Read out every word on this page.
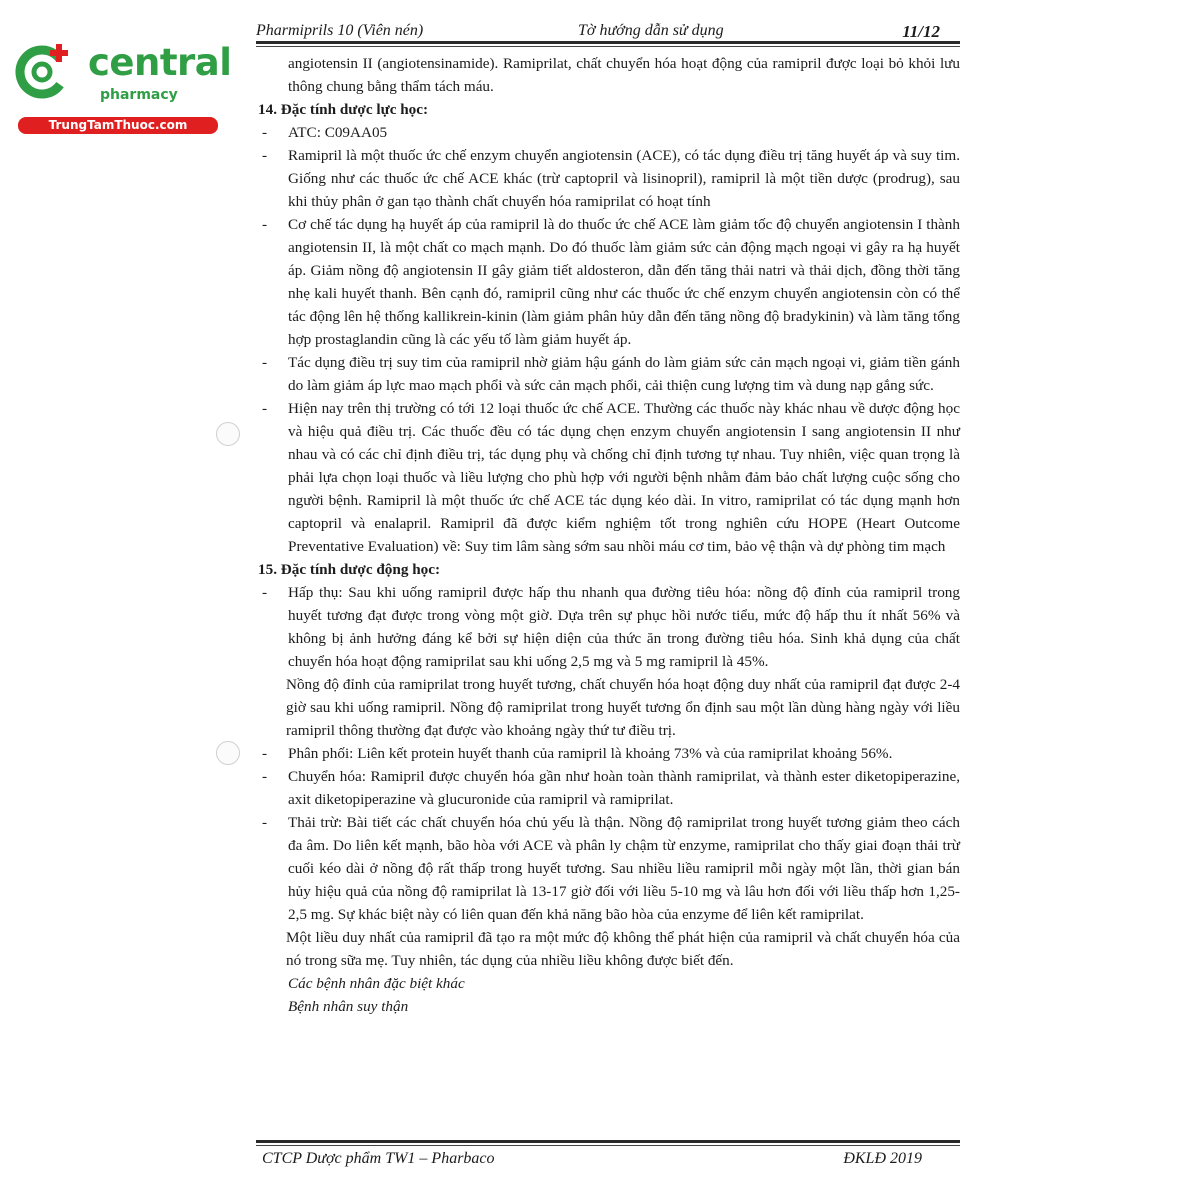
central
pharmacy
TrungTamThuoc.com
Pharmiprils 10 (Viên nén)	Tờ hướng dẫn sử dụng	11/12

angiotensin II (angiotensinamide). Ramiprilat, chất chuyển hóa hoạt động của ramipril được loại bỏ khỏi lưu thông chung bằng thẩm tách máu.

14. Đặc tính dược lực học:

- ATC: C09AA05

- Ramipril là một thuốc ức chế enzym chuyển angiotensin (ACE), có tác dụng điều trị tăng huyết áp và suy tim. Giống như các thuốc ức chế ACE khác (trừ captopril và lisinopril), ramipril là một tiền dược (prodrug), sau khi thủy phân ở gan tạo thành chất chuyển hóa ramiprilat có hoạt tính

- Cơ chế tác dụng hạ huyết áp của ramipril là do thuốc ức chế ACE làm giảm tốc độ chuyển angiotensin I thành angiotensin II, là một chất co mạch mạnh. Do đó thuốc làm giảm sức cản động mạch ngoại vi gây ra hạ huyết áp. Giảm nồng độ angiotensin II gây giảm tiết aldosteron, dẫn đến tăng thải natri và thải dịch, đồng thời tăng nhẹ kali huyết thanh. Bên cạnh đó, ramipril cũng như các thuốc ức chế enzym chuyển angiotensin còn có thể tác động lên hệ thống kallikrein-kinin (làm giảm phân hủy dẫn đến tăng nồng độ bradykinin) và làm tăng tổng hợp prostaglandin cũng là các yếu tố làm giảm huyết áp.

- Tác dụng điều trị suy tim của ramipril nhờ giảm hậu gánh do làm giảm sức cản mạch ngoại vi, giảm tiền gánh do làm giảm áp lực mao mạch phổi và sức cản mạch phổi, cải thiện cung lượng tim và dung nạp gắng sức.

- Hiện nay trên thị trường có tới 12 loại thuốc ức chế ACE. Thường các thuốc này khác nhau về dược động học và hiệu quả điều trị. Các thuốc đều có tác dụng chẹn enzym chuyển angiotensin I sang angiotensin II như nhau và có các chỉ định điều trị, tác dụng phụ và chống chỉ định tương tự nhau. Tuy nhiên, việc quan trọng là phải lựa chọn loại thuốc và liều lượng cho phù hợp với người bệnh nhằm đảm bảo chất lượng cuộc sống cho người bệnh. Ramipril là một thuốc ức chế ACE tác dụng kéo dài. In vitro, ramiprilat có tác dụng mạnh hơn captopril và enalapril. Ramipril đã được kiểm nghiệm tốt trong nghiên cứu HOPE (Heart Outcome Preventative Evaluation) về: Suy tim lâm sàng sớm sau nhồi máu cơ tim, bảo vệ thận và dự phòng tim mạch

15. Đặc tính dược động học:

- Hấp thụ: Sau khi uống ramipril được hấp thu nhanh qua đường tiêu hóa: nồng độ đỉnh của ramipril trong huyết tương đạt được trong vòng một giờ. Dựa trên sự phục hồi nước tiểu, mức độ hấp thu ít nhất 56% và không bị ảnh hưởng đáng kể bởi sự hiện diện của thức ăn trong đường tiêu hóa. Sinh khả dụng của chất chuyển hóa hoạt động ramiprilat sau khi uống 2,5 mg và 5 mg ramipril là 45%.

Nồng độ đỉnh của ramiprilat trong huyết tương, chất chuyển hóa hoạt động duy nhất của ramipril đạt được 2-4 giờ sau khi uống ramipril. Nồng độ ramiprilat trong huyết tương ổn định sau một lần dùng hàng ngày với liều ramipril thông thường đạt được vào khoảng ngày thứ tư điều trị.

- Phân phối: Liên kết protein huyết thanh của ramipril là khoảng 73% và của ramiprilat khoảng 56%.

- Chuyển hóa: Ramipril được chuyển hóa gần như hoàn toàn thành ramiprilat, và thành ester diketopiperazine, axit diketopiperazine và glucuronide của ramipril và ramiprilat.

- Thải trừ: Bài tiết các chất chuyển hóa chủ yếu là thận. Nồng độ ramiprilat trong huyết tương giảm theo cách đa âm. Do liên kết mạnh, bão hòa với ACE và phân ly chậm từ enzyme, ramiprilat cho thấy giai đoạn thải trừ cuối kéo dài ở nồng độ rất thấp trong huyết tương. Sau nhiều liều ramipril mỗi ngày một lần, thời gian bán hủy hiệu quả của nồng độ ramiprilat là 13-17 giờ đối với liều 5-10 mg và lâu hơn đối với liều thấp hơn 1,25-2,5 mg. Sự khác biệt này có liên quan đến khả năng bão hòa của enzyme để liên kết ramiprilat.

Một liều duy nhất của ramipril đã tạo ra một mức độ không thể phát hiện của ramipril và chất chuyển hóa của nó trong sữa mẹ. Tuy nhiên, tác dụng của nhiều liều không được biết đến.

Các bệnh nhân đặc biệt khác

Bệnh nhân suy thận

CTCP Dược phẩm TW1 – Pharbaco	ĐKLĐ 2019
